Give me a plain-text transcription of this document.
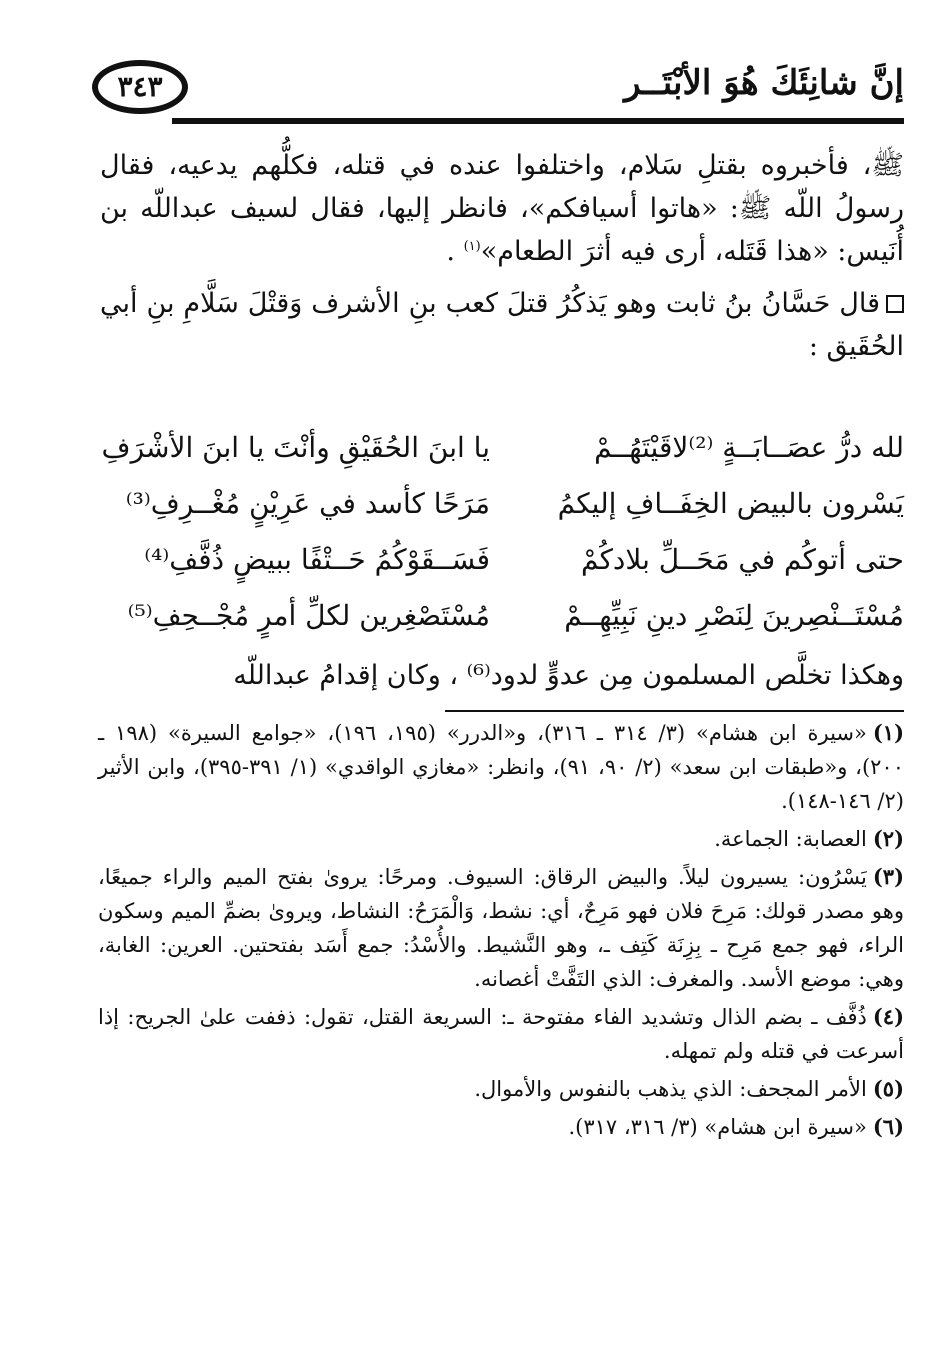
٣٤٣	إنَّ شانِئَكَ هُوَ الأبْتَــر

ﷺ، فأخبروه بقتلِ سَلام، واختلفوا عنده في قتله، فكلُّهم يدعيه، فقال رسولُ اللّه ﷺ: «هاتوا أسيافكم»، فانظر إليها، فقال لسيف عبداللّه بن أُنَيس: «هذا قَتَله، أرى فيه أثرَ الطعام»$^{(١)}$ .

قال حَسَّانُ بنُ ثابت وهو يَذكُرُ قتلَ كعب بنِ الأشرف وَقتْلَ سَلَّامِ بنِ أبي الحُقَيق :

لله درُّ عصَــابَــةٍ ⁽²⁾لاقَيْتَهُــمْ
يا ابنَ الحُقَيْقِ وأنْتَ يا ابنَ الأشْرَفِ
يَسْرون بالبيض الخِفَــافِ إليكمُ
مَرَحًا كأسد في عَرِيْنٍ مُغْــرِفِ⁽³⁾
حتى أتوكُم في مَحَــلِّ بلادكُمْ
فَسَــقَوْكُمُ حَــتْفًا ببيضٍ ذُفَّفِ⁽⁴⁾
مُسْتَــنْصِرينَ لِنَصْرِ دينِ نَبِيِّهِــمْ
مُسْتَصْغِرين لكلِّ أمرٍ مُجْــحِفِ⁽⁵⁾
وهكذا تخلَّص المسلمون مِن عدوٍّ لدود⁽⁶⁾ ، وكان إقدامُ عبداللّه

(١)«سيرة ابن هشام» (٣/ ٣١٤ ـ ٣١٦)، و«الدرر» (١٩٥، ١٩٦)، «جوامع السيرة» (١٩٨ ـ ٢٠٠)، و«طبقات ابن سعد» (٢/ ٩٠، ٩١)، وانظر: «مغازي الواقدي» (١/ ٣٩١-٣٩٥)، وابن الأثير (٢/ ١٤٦-١٤٨).

(٢)العصابة: الجماعة.

(٣)يَسْرُون: يسيرون ليلاً. والبيض الرقاق: السيوف. ومرحًا: يروىٰ بفتح الميم والراء جميعًا، وهو مصدر قولك: مَرِحَ فلان فهو مَرِحٌ، أي: نشط، وَالْمَرَحُ: النشاط، ويروىٰ بضمِّ الميم وسكون الراء، فهو جمع مَرِح ـ بِزِنَة كَتِف ـ، وهو النَّشيط. والأُسْدُ: جمع أَسَد بفتحتين. العرين: الغابة، وهي: موضع الأسد. والمغرف: الذي التَفَّتْ أغصانه.

(٤)ذُفَّف ـ بضم الذال وتشديد الفاء مفتوحة ـ: السريعة القتل، تقول: ذففت علىٰ الجريح: إذا أسرعت في قتله ولم تمهله.

(٥)الأمر المجحف: الذي يذهب بالنفوس والأموال.

(٦)«سيرة ابن هشام» (٣/ ٣١٦، ٣١٧).
